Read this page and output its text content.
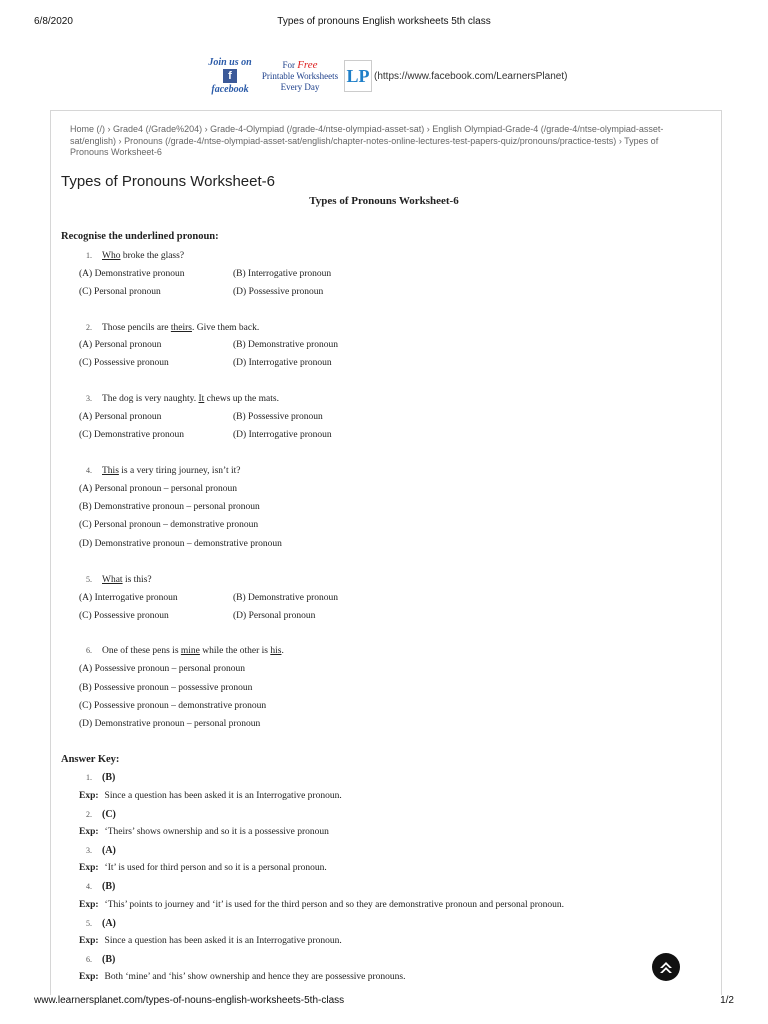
6/8/2020	Types of pronouns English worksheets 5th class
Join us on
f
facebook
For Free
Printable Worksheets
Every Day
LP (https://www.facebook.com/LearnersPlanet)
Home (/) › Grade4 (/Grade%204) › Grade-4-Olympiad (/grade-4/ntse-olympiad-asset-sat) › English Olympiad-Grade-4 (/grade-4/ntse-olympiad-asset-sat/english) › Pronouns (/grade-4/ntse-olympiad-asset-sat/english/chapter-notes-online-lectures-test-papers-quiz/pronouns/practice-tests) › Types of Pronouns Worksheet-6
Types of Pronouns Worksheet-6
Types of Pronouns Worksheet-6
Recognise the underlined pronoun:
1. Who broke the glass?
(A) Demonstrative pronoun	(B) Interrogative pronoun
(C) Personal pronoun	(D) Possessive pronoun
2. Those pencils are theirs. Give them back.
(A) Personal pronoun	(B) Demonstrative pronoun
(C) Possessive pronoun	(D) Interrogative pronoun
3. The dog is very naughty. It chews up the mats.
(A) Personal pronoun	(B) Possessive pronoun
(C) Demonstrative pronoun	(D) Interrogative pronoun
4. This is a very tiring journey, isn’t it?
(A) Personal pronoun – personal pronoun
(B) Demonstrative pronoun – personal pronoun
(C) Personal pronoun – demonstrative pronoun
(D) Demonstrative pronoun – demonstrative pronoun
5. What is this?
(A) Interrogative pronoun	(B) Demonstrative pronoun
(C) Possessive pronoun	(D) Personal pronoun
6. One of these pens is mine while the other is his.
(A) Possessive pronoun – personal pronoun
(B) Possessive pronoun – possessive pronoun
(C) Possessive pronoun – demonstrative pronoun
(D) Demonstrative pronoun – personal pronoun
Answer Key:
1. (B)
Exp: Since a question has been asked it is an Interrogative pronoun.
2. (C)
Exp: ‘Theirs’ shows ownership and so it is a possessive pronoun
3. (A)
Exp: ‘It’ is used for third person and so it is a personal pronoun.
4. (B)
Exp: ‘This’ points to journey and ‘it’ is used for the third person and so they are demonstrative pronoun and personal pronoun.
5. (A)
Exp: Since a question has been asked it is an Interrogative pronoun.
6. (B)
Exp: Both ‘mine’ and ‘his’ show ownership and hence they are possessive pronouns.
www.learnersplanet.com/types-of-nouns-english-worksheets-5th-class	1/2
